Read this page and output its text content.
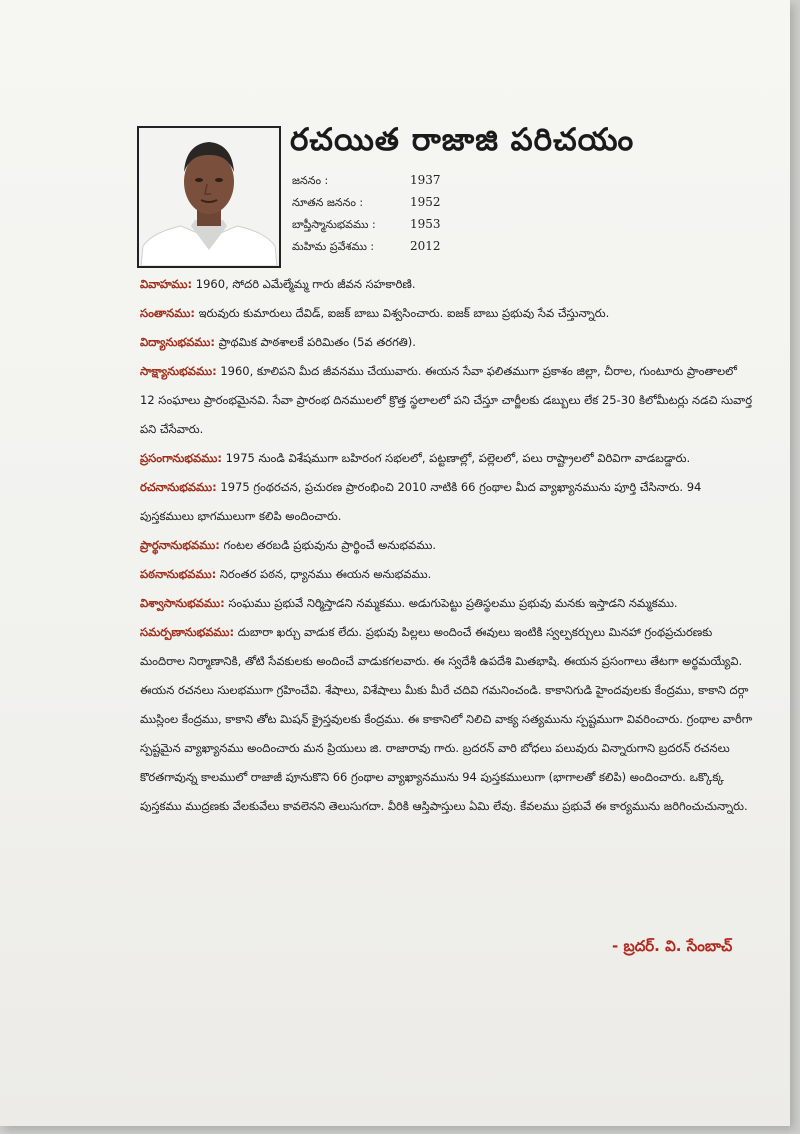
రచయిత రాజాజి పరిచయం
జననం :	1937
నూతన జననం :	1952
బాప్తీస్మానుభవము :	1953
మహిమ ప్రవేశము :	2012

వివాహము: 1960, సోదరి ఎమేల్మేమ్మ గారు జీవన సహకారిణి.

సంతానము: ఇరువురు కుమారులు దేవిడ్, ఐజక్ బాబు విశ్వసించారు. ఐజక్ బాబు ప్రభువు సేవ చేస్తున్నారు.

విద్యానుభవము: ప్రాథమిక పాఠశాలకే పరిమితం (5వ తరగతి).

సాక్ష్యానుభవము: 1960, కూలిపని మీద జీవనము చేయువారు. ఈయన సేవా ఫలితముగా ప్రకాశం జిల్లా, చీరాల, గుంటూరు ప్రాంతాలలో 12 సంఘాలు ప్రారంభమైనవి. సేవా ప్రారంభ దినములలో క్రొత్త స్థలాలలో పని చేస్తూ చార్జీలకు డబ్బులు లేక 25-30 కిలోమీటర్లు నడచి సువార్త పని చేసేవారు.

ప్రసంగానుభవము: 1975 నుండి విశేషముగా బహిరంగ సభలలో, పట్టణాల్లో, పల్లెలలో, పలు రాష్ట్రాలలో విరివిగా వాడబడ్డారు.

రచనానుభవము: 1975 గ్రంథరచన, ప్రచురణ ప్రారంభించి 2010 నాటికి 66 గ్రంథాల మీద వ్యాఖ్యానమును పూర్తి చేసినారు. 94 పుస్తకములు భాగములుగా కలిపి అందించారు.

ప్రార్థనానుభవము: గంటల తరబడి ప్రభువును ప్రార్థించే అనుభవము.

పఠనానుభవము: నిరంతర పఠన, ధ్యానము ఈయన అనుభవము.

విశ్వాసానుభవము: సంఘము ప్రభువే నిర్మిస్తాడని నమ్మకము. అడుగుపెట్టు ప్రతిస్థలము ప్రభువు మనకు ఇస్తాడని నమ్మకము.

సమర్పణానుభవము: దుబారా ఖర్చు వాడుక లేదు. ప్రభువు పిల్లలు అందించే ఈవులు ఇంటికి స్వల్పకర్చులు మినహా గ్రంథప్రచురణకు మందిరాల నిర్మాణానికి, తోటి సేవకులకు అందించే వాడుకగలవారు. ఈ స్వదేశీ ఉపదేశి మితభాషి. ఈయన ప్రసంగాలు తేటగా అర్థమయ్యేవి. ఈయన రచనలు సులభముగా గ్రహించేవి. శేషాలు, విశేషాలు మీకు మీరే చదివి గమనించండి. కాకానిగుడి హైందవులకు కేంద్రము, కాకాని దర్గా ముస్లింల కేంద్రము, కాకాని తోట మిషన్ క్రైస్తవులకు కేంద్రము. ఈ కాకానిలో నిలిచి వాక్య సత్యమును స్పష్టముగా వివరించారు. గ్రంథాల వారీగా స్పష్టమైన వ్యాఖ్యానము అందించారు మన ప్రియులు జి. రాజారావు గారు. బ్రదరన్ వారి బోధలు పలువురు విన్నారుగాని బ్రదరన్ రచనలు కొరతగావున్న కాలములో రాజాజీ పూనుకొని 66 గ్రంథాల వ్యాఖ్యానమును 94 పుస్తకములుగా (భాగాలతో కలిపి) అందించారు. ఒక్కొక్క పుస్తకము ముద్రణకు వేలకువేలు కావలెనని తెలుసుగదా. వీరికి ఆస్తిపాస్తులు ఏమి లేవు. కేవలము ప్రభువే ఈ కార్యమును జరిగించుచున్నారు.

- బ్రదర్. వి. సేంబాచ్
